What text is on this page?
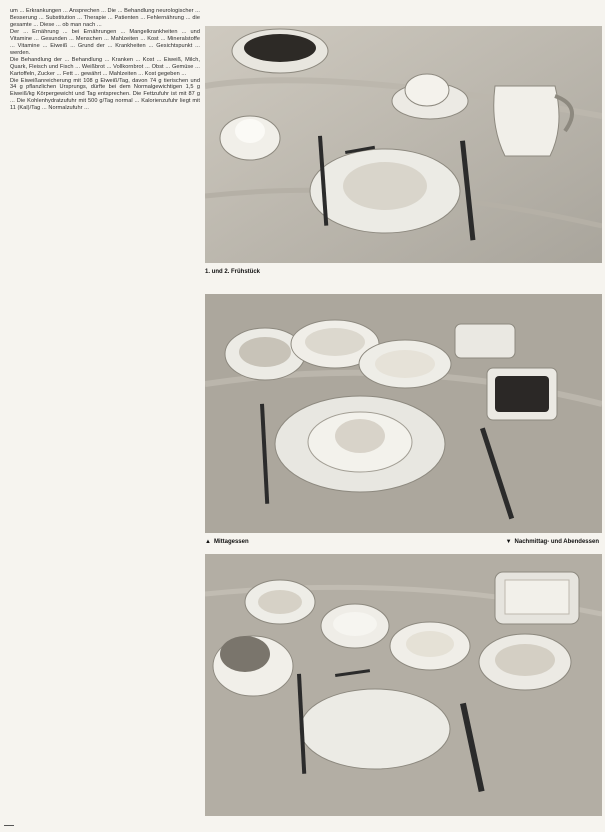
um ... Erkrankungen ... Ansprechen ... Die ... Behandlung neurologischer ... Besserung ... Substitution ... Therapie ... Patienten ... Fehlernährung ... die gesamte ... Diese ... ob man nach ...

Der ... Ernährung ... bei Ernährungen ... Mangelkrankheiten ... und Vitamine ... Gesunden ... Menschen ... Mahlzeiten ... Kost ... Mineralstoffe ... Vitamine ... Eiweiß ... Grund der ... Krankheiten ... Gesichtspunkt ... werden.

Die Behandlung der ... Behandlung ... Kranken ... Kost ... Eiweiß, Milch, Quark, Fleisch und Fisch ... Weißbrot ... Vollkornbrot ... Obst ... Gemüse ... Kartoffeln, Zucker ... Fett ... gewährt ... Mahlzeiten ... Kost gegeben ...

Die Eiweißanreicherung mit 108 g Eiweiß/Tag, davon 74 g tierischen und 34 g pflanzlichen Ursprungs, dürfte bei dem Normalgewichtigen 1,5 g Eiweiß/kg Körpergewicht und Tag entsprechen. Die Fettzufuhr ist mit 87 g ... Die Kohlenhydratzufuhr mit 500 g/Tag normal ... Kalorienzufuhr liegt mit 11 (Kal)/Tag ... Normalzufuhr ...

1. und 2. Frühstück
▲ Mittagessen	▼ Nachmittag- und Abendessen
